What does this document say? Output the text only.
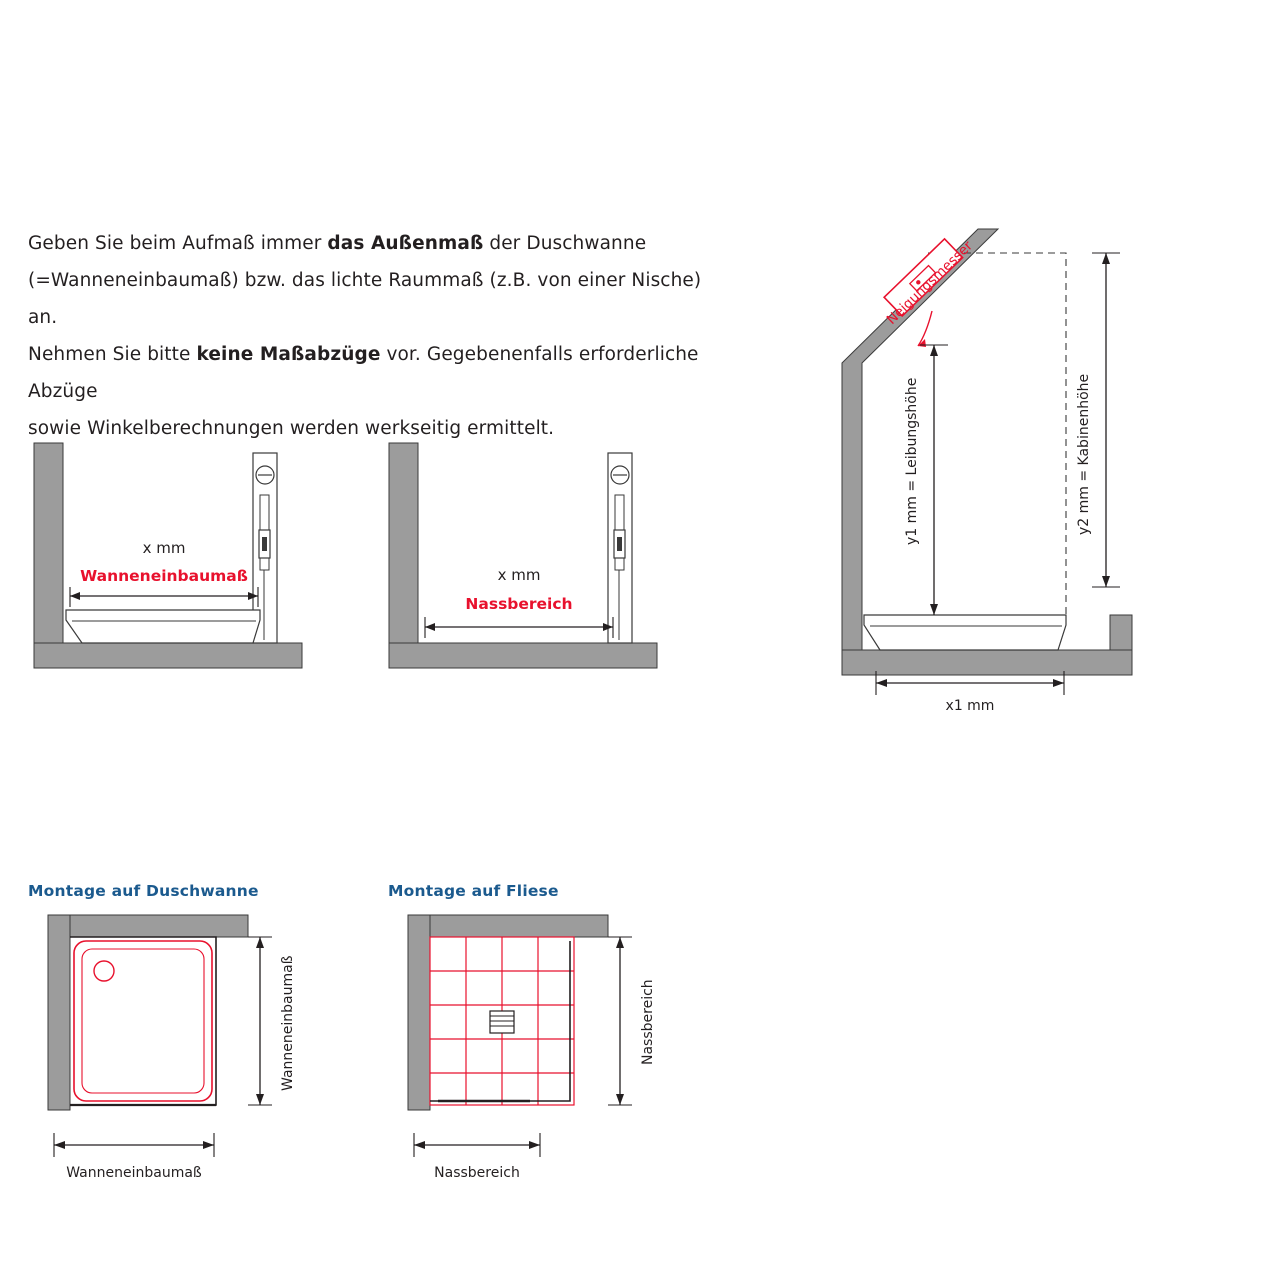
Geben Sie beim Aufmaß immer das Außenmaß der Duschwanne
(=Wanneneinbaumaß) bzw. das lichte Raummaß (z.B. von einer Nische) an.
Nehmen Sie bitte keine Maßabzüge vor. Gegebenenfalls erforderliche Abzüge
sowie Winkelberechnungen werden werkseitig ermittelt.
x mm
Wanneneinbaumaß	x mm
Nassbereich
Neigungsmesser
y1 mm = Leibungshöhe	y2 mm = Kabinenhöhe
x1 mm
Montage auf Duschwanne	Montage auf Fliese
Wanneneinbaumaß
Wanneneinbaumaß
Nassbereich
Nassbereich
